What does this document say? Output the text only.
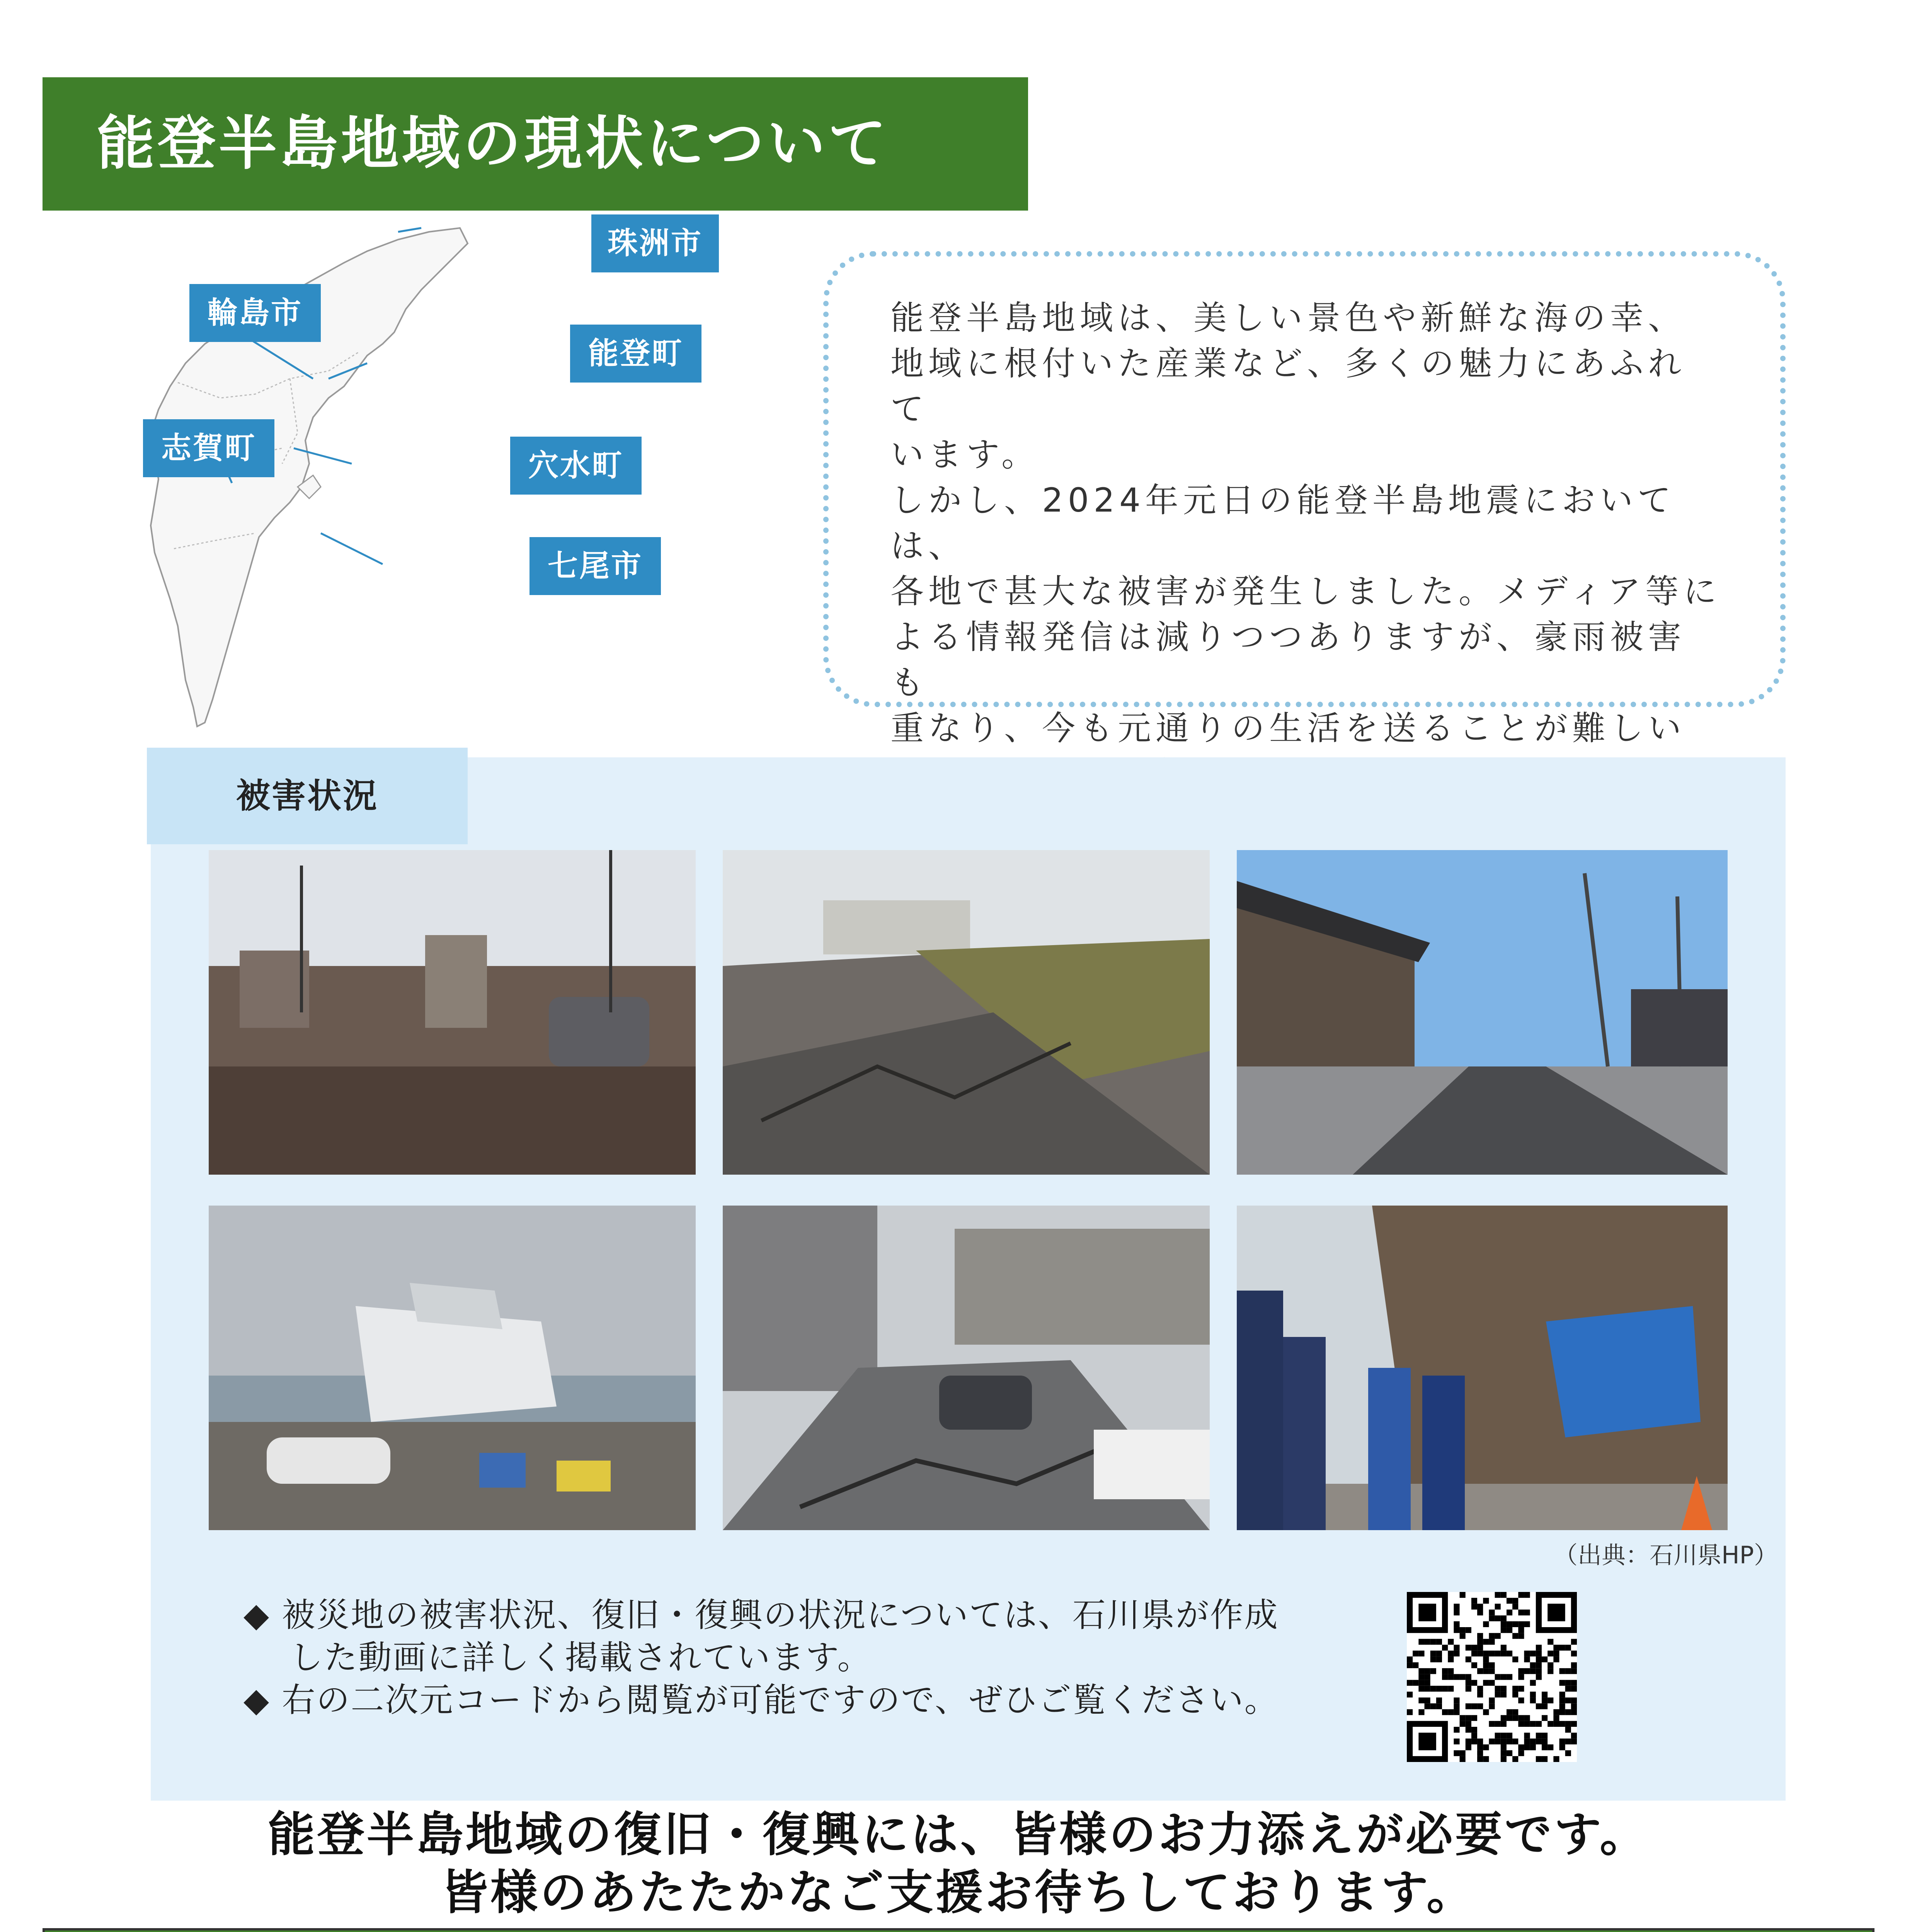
能登半島地域の現状について
珠洲市
輪島市
能登町
志賀町	穴水町
七尾市
能登半島地域は、美しい景色や新鮮な海の幸、
地域に根付いた産業など、多くの魅力にあふれて
います。
しかし、2024年元日の能登半島地震においては、
各地で甚大な被害が発生しました。メディア等に
よる情報発信は減りつつありますが、豪雨被害も
重なり、今も元通りの生活を送ることが難しい

被害状況
（出典：石川県HP）
◆ 被災地の被害状況、復旧・復興の状況については、石川県が作成
　 した動画に詳しく掲載されています。
◆ 右の二次元コードから閲覧が可能ですので、ぜひご覧ください。
能登半島地域の復旧・復興には、皆様のお力添えが必要です。
皆様のあたたかなご支援お待ちしております。
